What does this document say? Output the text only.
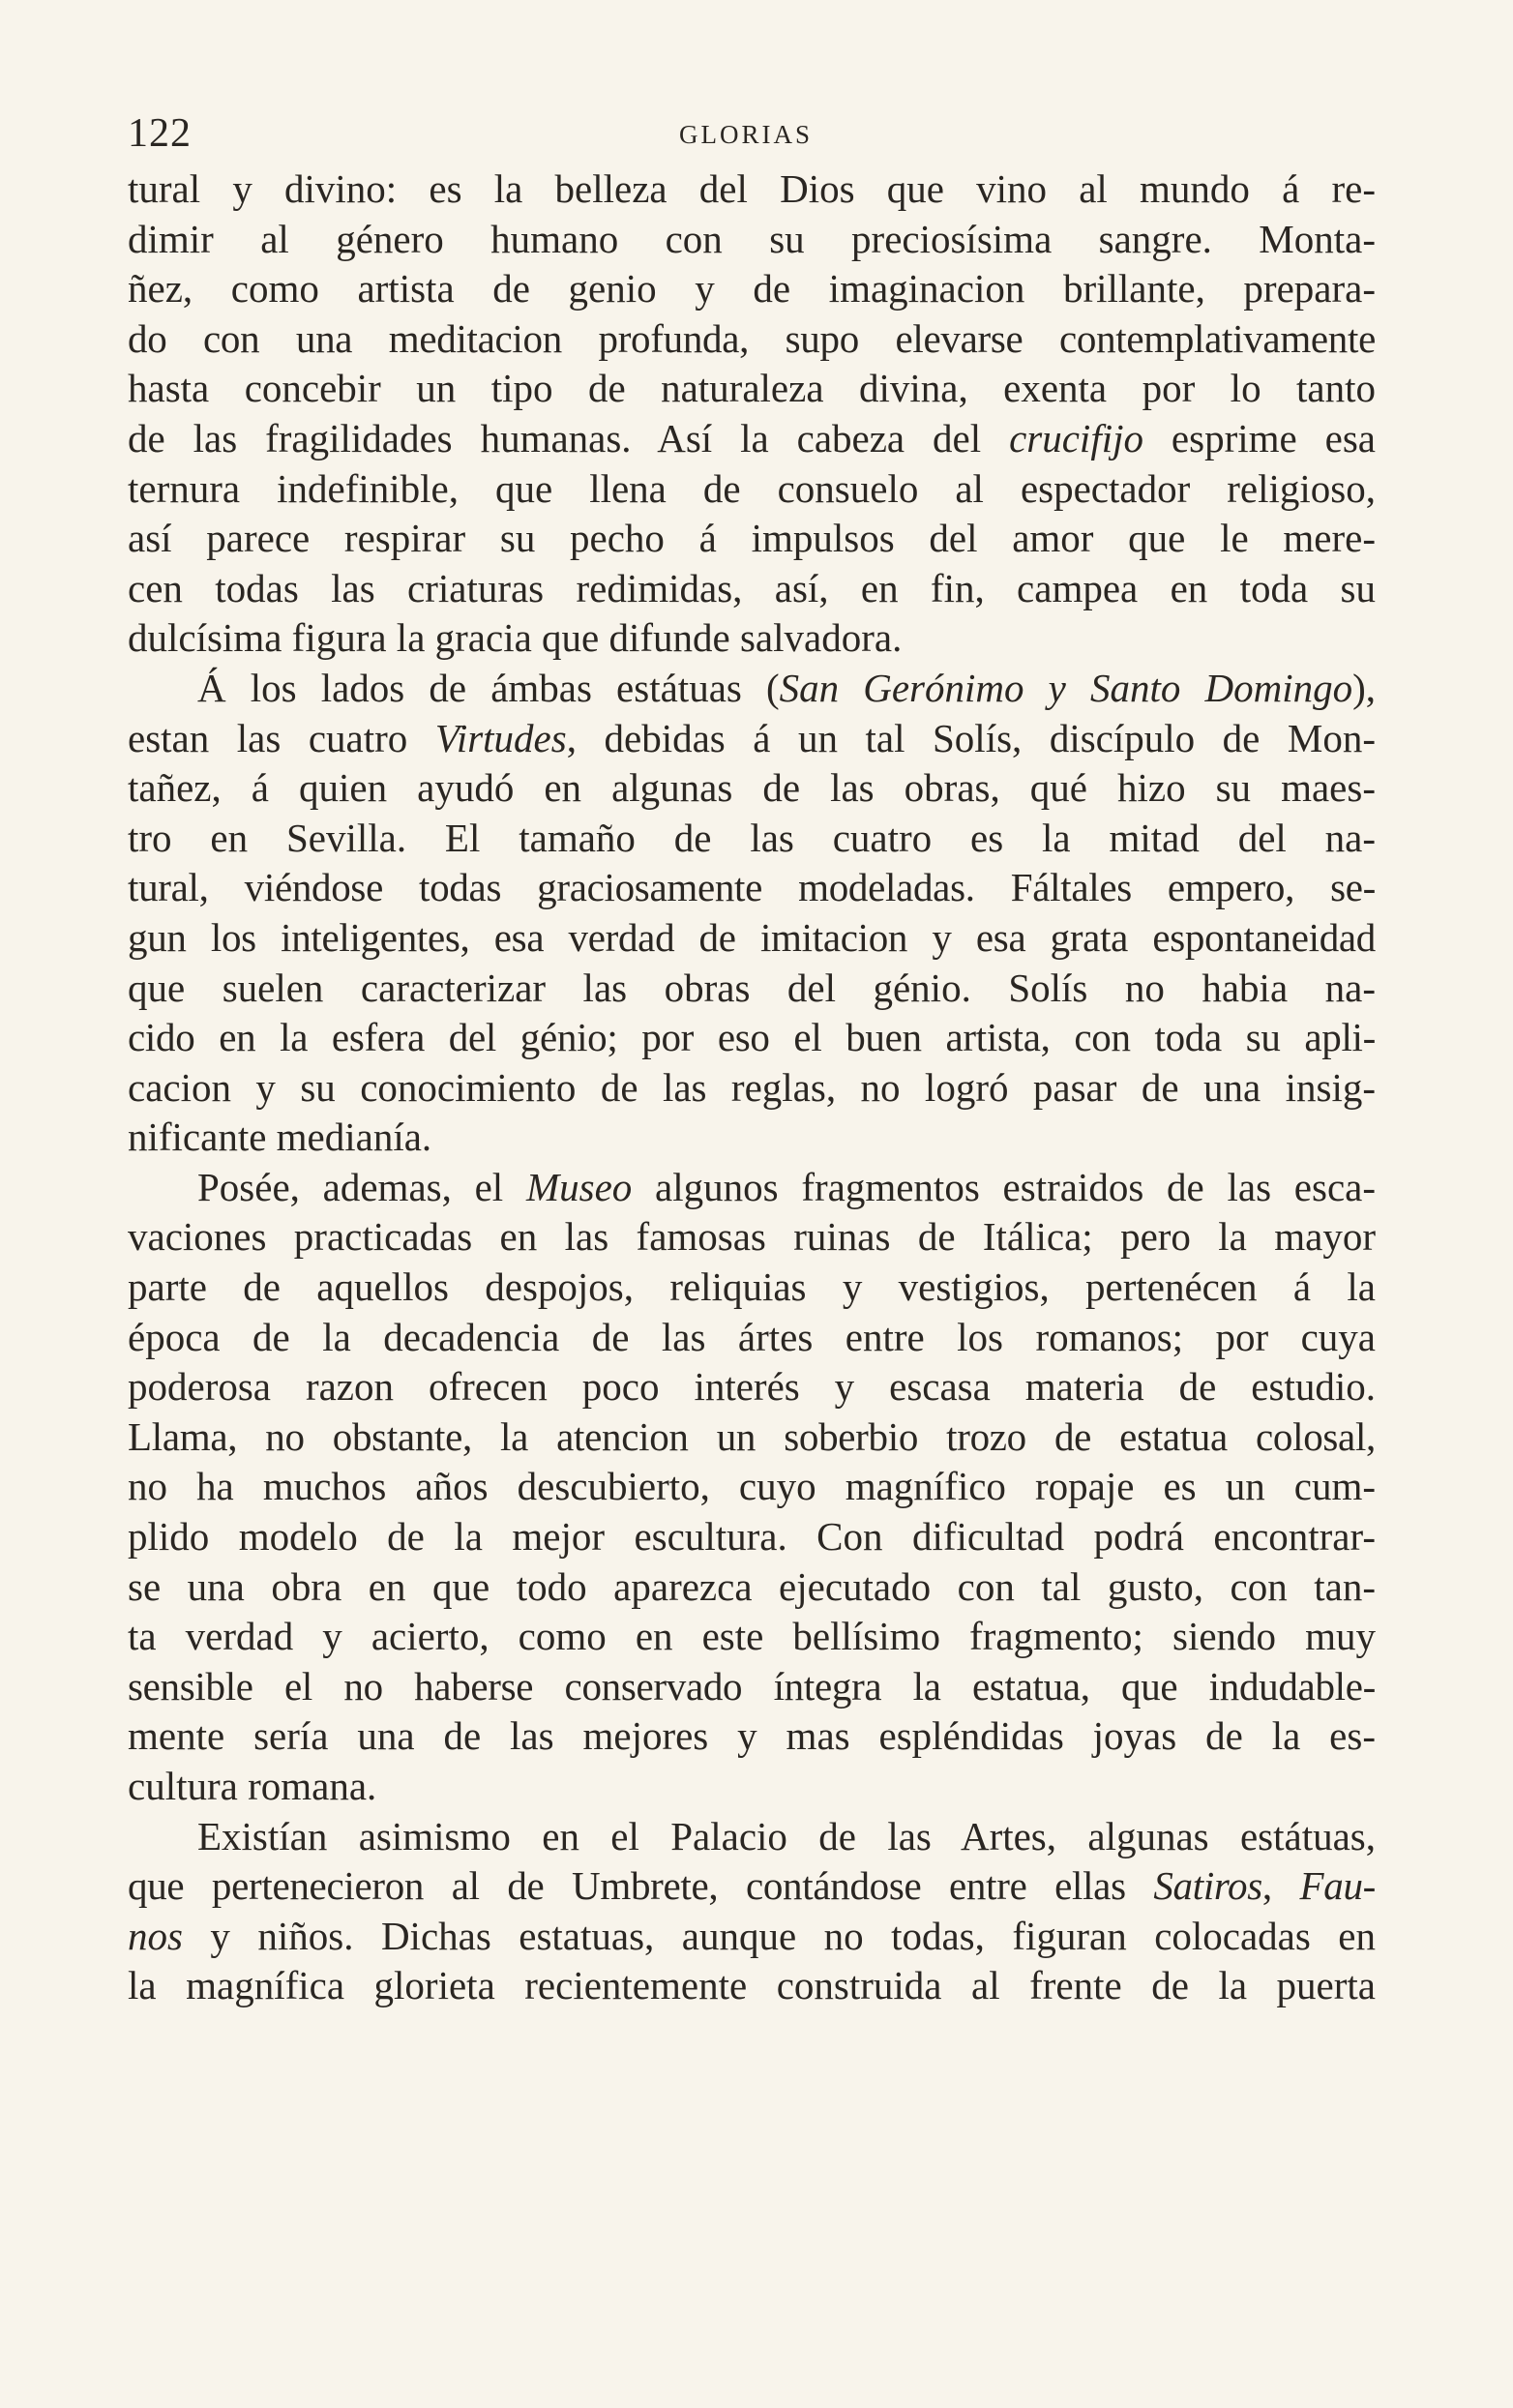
122	GLORIAS
tural y divino: es la belleza del Dios que vino al mundo á re-
dimir al género humano con su preciosísima sangre. Monta-
ñez, como artista de genio y de imaginacion brillante, prepara-
do con una meditacion profunda, supo elevarse contemplativamente
hasta concebir un tipo de naturaleza divina, exenta por lo tanto
de las fragilidades humanas. Así la cabeza del crucifijo esprime esa
ternura indefinible, que llena de consuelo al espectador religioso,
así parece respirar su pecho á impulsos del amor que le mere-
cen todas las criaturas redimidas, así, en fin, campea en toda su
dulcísima figura la gracia que difunde salvadora.
Á los lados de ámbas estátuas (San Gerónimo y Santo Domingo),
estan las cuatro Virtudes, debidas á un tal Solís, discípulo de Mon-
tañez, á quien ayudó en algunas de las obras, qué hizo su maes-
tro en Sevilla. El tamaño de las cuatro es la mitad del na-
tural, viéndose todas graciosamente modeladas. Fáltales empero, se-
gun los inteligentes, esa verdad de imitacion y esa grata espontaneidad
que suelen caracterizar las obras del génio. Solís no habia na-
cido en la esfera del génio; por eso el buen artista, con toda su apli-
cacion y su conocimiento de las reglas, no logró pasar de una insig-
nificante medianía.
Posée, ademas, el Museo algunos fragmentos estraidos de las esca-
vaciones practicadas en las famosas ruinas de Itálica; pero la mayor
parte de aquellos despojos, reliquias y vestigios, pertenécen á la
época de la decadencia de las ártes entre los romanos; por cuya
poderosa razon ofrecen poco interés y escasa materia de estudio.
Llama, no obstante, la atencion un soberbio trozo de estatua colosal,
no ha muchos años descubierto, cuyo magnífico ropaje es un cum-
plido modelo de la mejor escultura. Con dificultad podrá encontrar-
se una obra en que todo aparezca ejecutado con tal gusto, con tan-
ta verdad y acierto, como en este bellísimo fragmento; siendo muy
sensible el no haberse conservado íntegra la estatua, que indudable-
mente sería una de las mejores y mas espléndidas joyas de la es-
cultura romana.
Existían asimismo en el Palacio de las Artes, algunas estátuas,
que pertenecieron al de Umbrete, contándose entre ellas Satiros, Fau-
nos y niños. Dichas estatuas, aunque no todas, figuran colocadas en
la magnífica glorieta recientemente construida al frente de la puerta
